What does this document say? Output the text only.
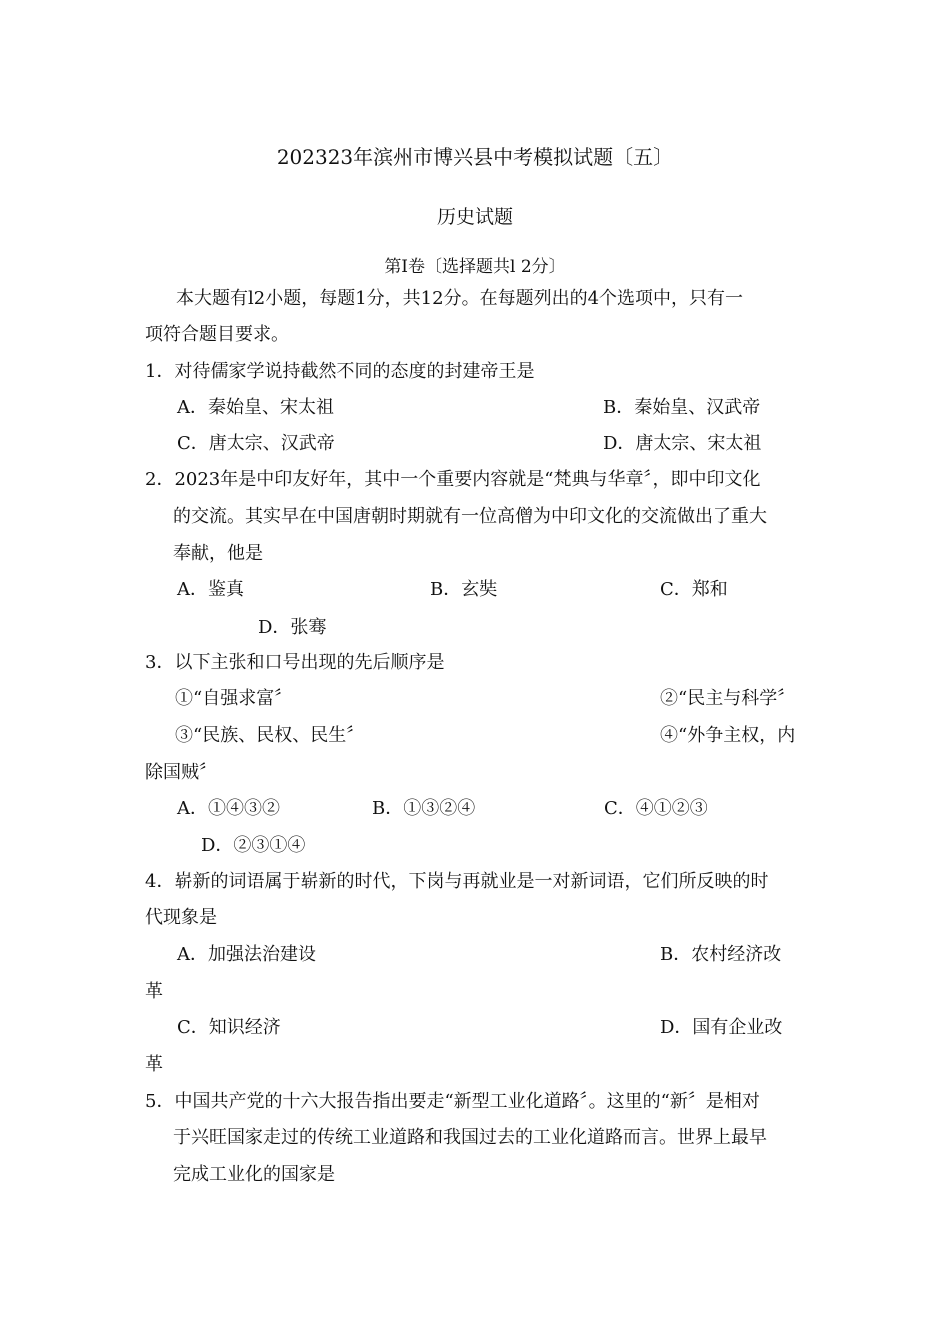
202323年滨州市博兴县中考模拟试题〔五〕
历史试题
第Ⅰ卷〔选择题共l 2分〕
本大题有l2小题，每题1分，共12分。在每题列出的4个选项中，只有一
项符合题目要求。
1．对待儒家学说持截然不同的态度的封建帝王是
A．秦始皇、宋太祖	B．秦始皇、汉武帝
C．唐太宗、汉武帝	D．唐太宗、宋太祖
2．2023年是中印友好年，其中一个重要内容就是“梵典与华章〞，即中印文化
的交流。其实早在中国唐朝时期就有一位高僧为中印文化的交流做出了重大
奉献，他是
A．鉴真	B．玄奘	C．郑和
D．张骞
3．以下主张和口号出现的先后顺序是
①“自强求富〞	②“民主与科学〞
③“民族、民权、民生〞	④“外争主权，内
除国贼〞
A．①④③②	B．①③②④	C．④①②③
D．②③①④
4．崭新的词语属于崭新的时代，下岗与再就业是一对新词语，它们所反映的时
代现象是
A．加强法治建设	B．农村经济改
革
C．知识经济	D．国有企业改
革
5．中国共产党的十六大报告指出要走“新型工业化道路〞。这里的“新〞是相对
于兴旺国家走过的传统工业道路和我国过去的工业化道路而言。世界上最早
完成工业化的国家是
